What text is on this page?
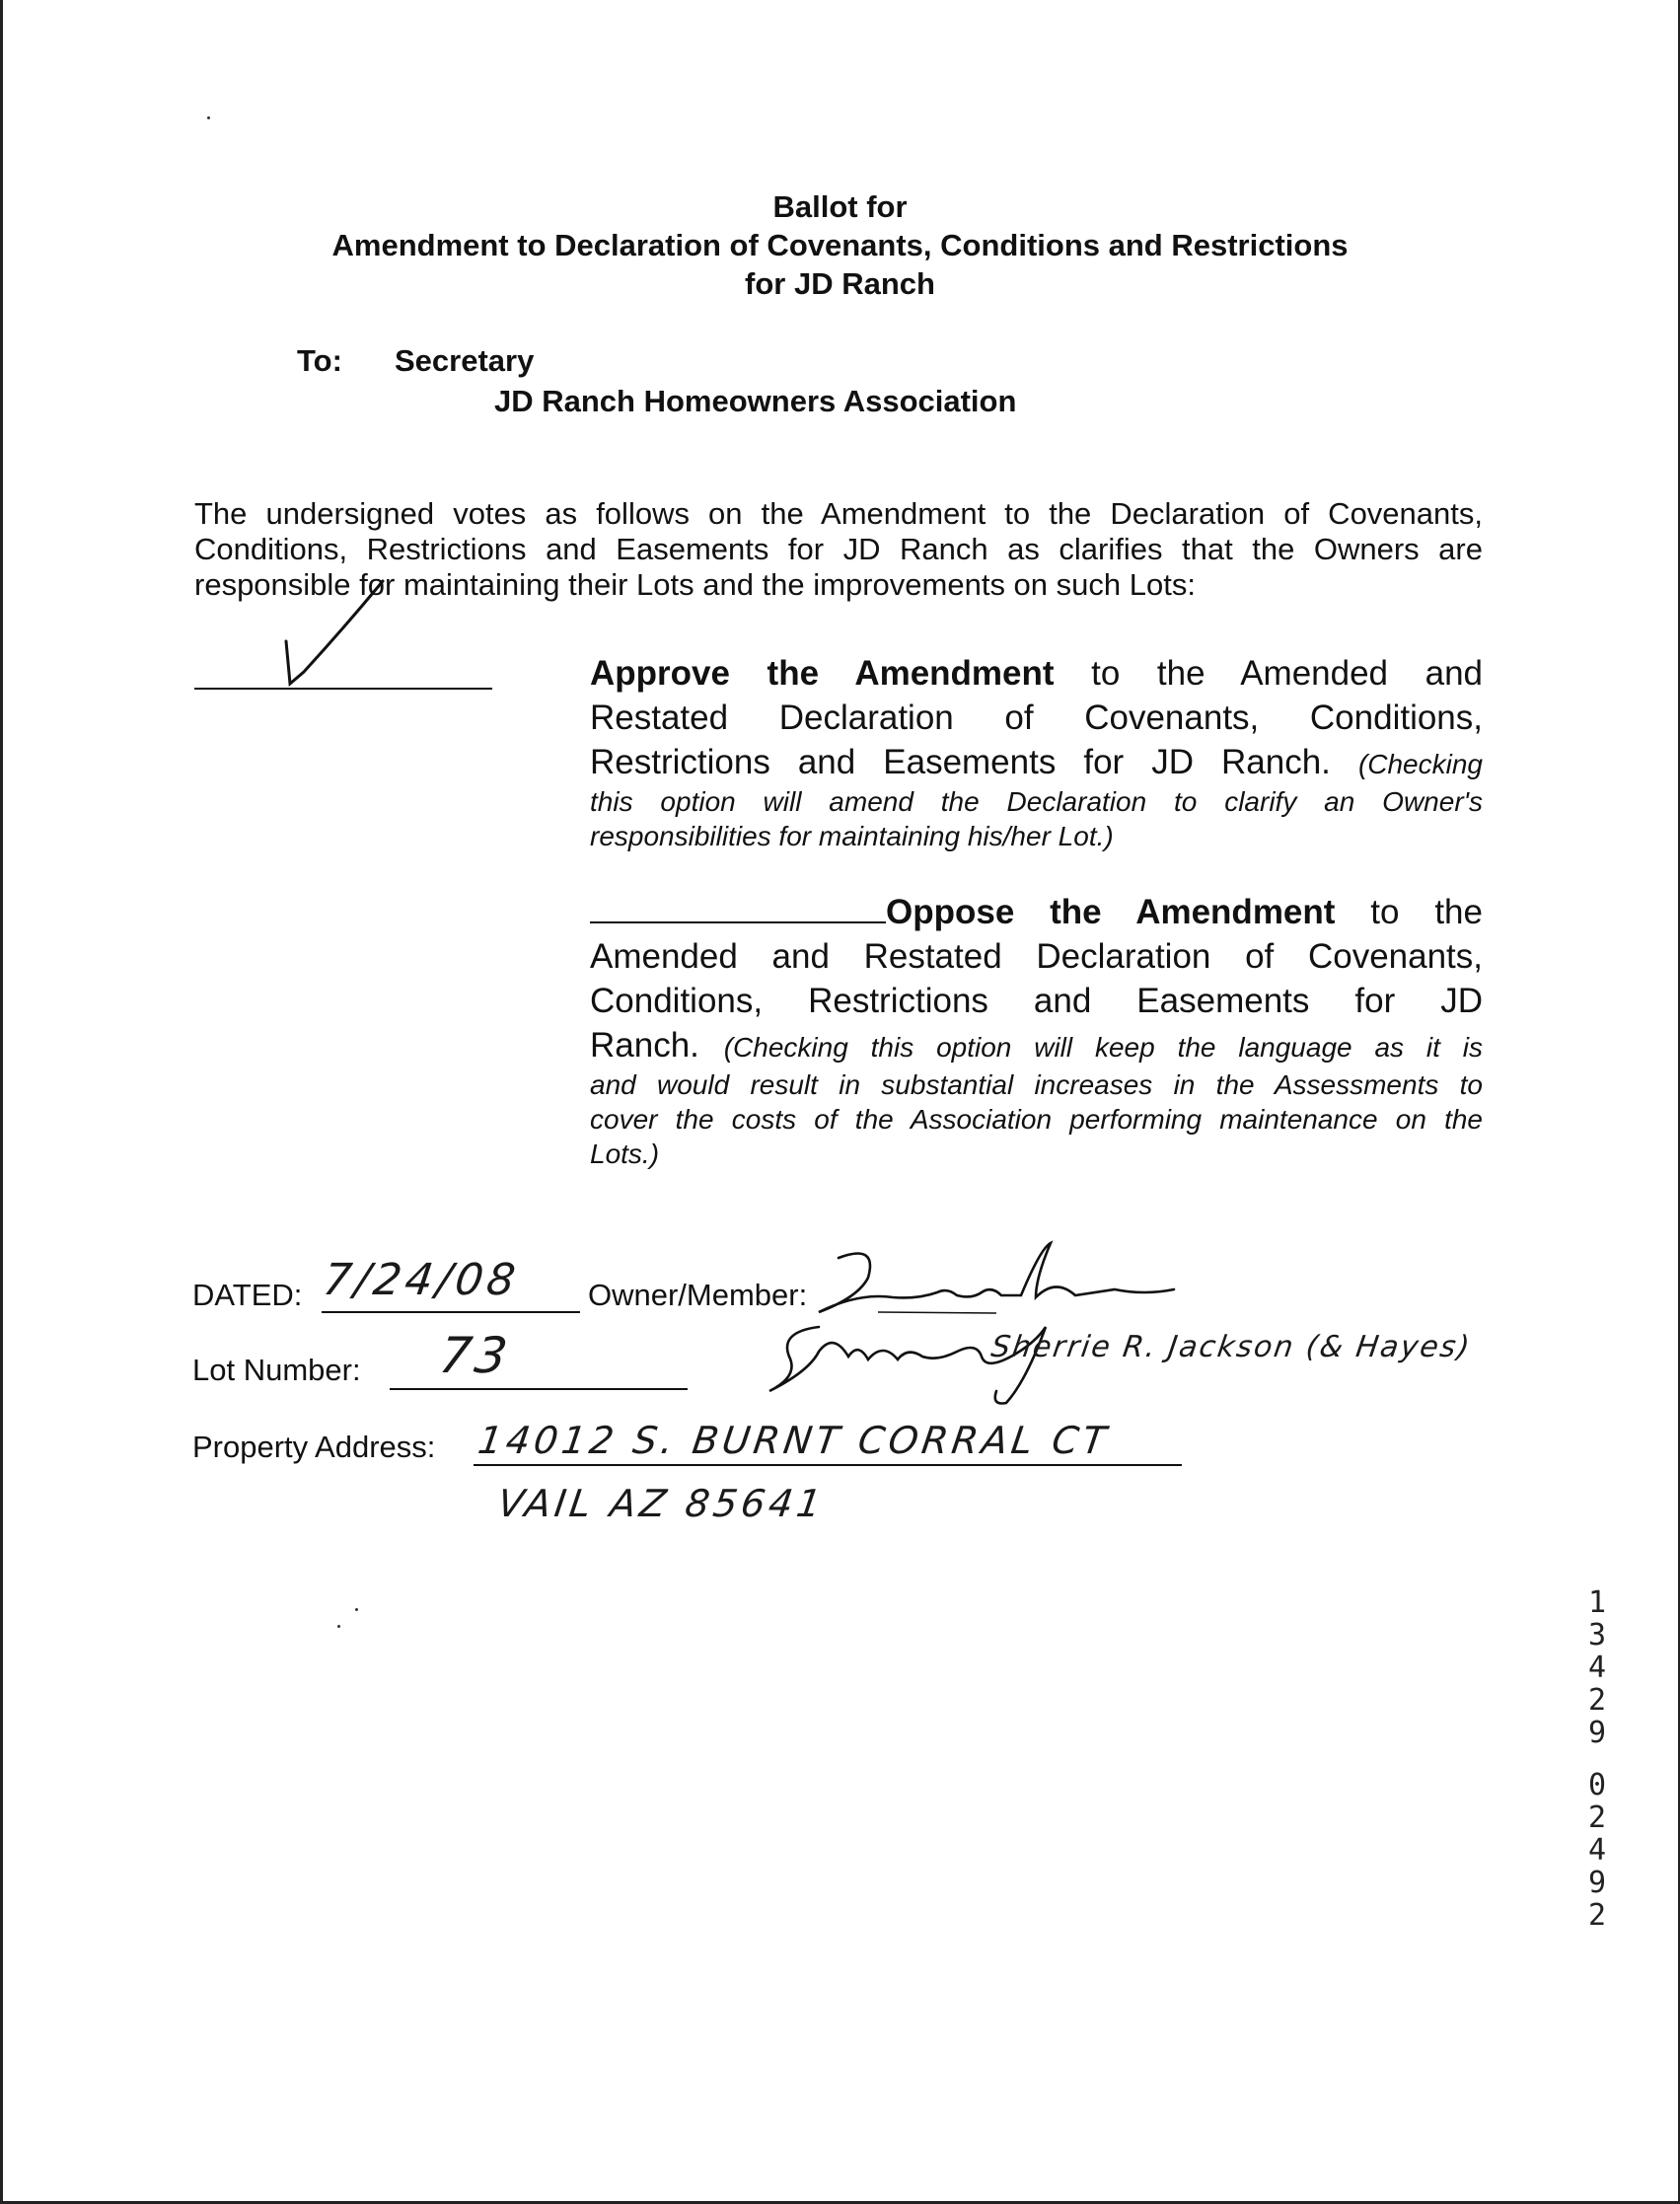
Ballot for
Amendment to Declaration of Covenants, Conditions and Restrictions
for JD Ranch
To: Secretary
JD Ranch Homeowners Association
The undersigned votes as follows on the Amendment to the Declaration of Covenants,
Conditions, Restrictions and Easements for JD Ranch as clarifies that the Owners are
responsible for maintaining their Lots and the improvements on such Lots:
Approve the Amendment to the Amended and
Restated Declaration of Covenants, Conditions,
Restrictions and Easements for JD Ranch. (Checking
this option will amend the Declaration to clarify an Owner's
responsibilities for maintaining his/her Lot.)
Oppose the Amendment to the
Amended and Restated Declaration of Covenants,
Conditions, Restrictions and Easements for JD
Ranch. (Checking this option will keep the language as it is
and would result in substantial increases in the Assessments to
cover the costs of the Association performing maintenance on the
Lots.)
DATED: 7/24/08 Owner/Member:
Sherrie R. Jackson (& Hayes)
Lot Number: 73
Property Address: 14012 S. BURNT CORRAL CT
VAIL AZ 85641
1
3
4
2
9
0
2
4
9
2
